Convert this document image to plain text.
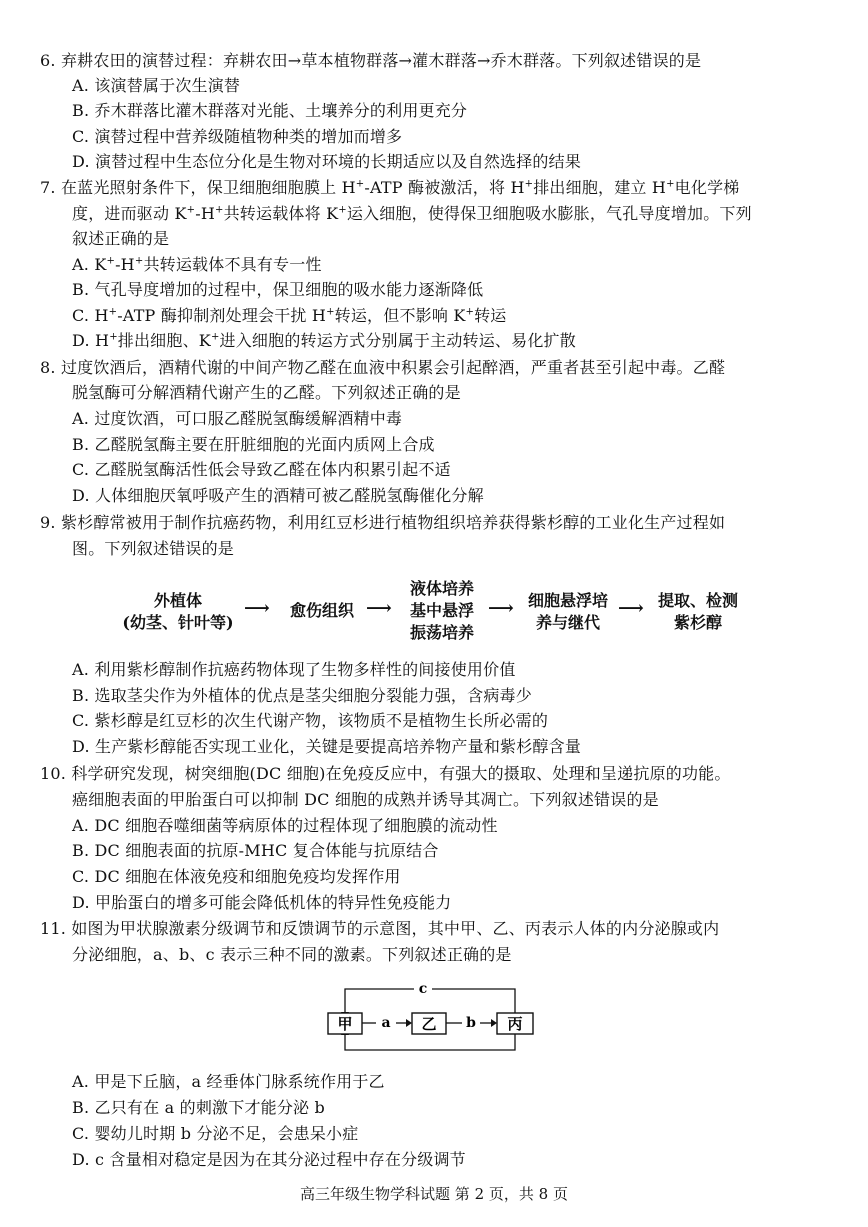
6. 弃耕农田的演替过程：弃耕农田→草本植物群落→灌木群落→乔木群落。下列叙述错误的是
A. 该演替属于次生演替
B. 乔木群落比灌木群落对光能、土壤养分的利用更充分
C. 演替过程中营养级随植物种类的增加而增多
D. 演替过程中生态位分化是生物对环境的长期适应以及自然选择的结果
7. 在蓝光照射条件下，保卫细胞细胞膜上 H+-ATP 酶被激活，将 H+排出细胞，建立 H+电化学梯
度，进而驱动 K+-H+共转运载体将 K+运入细胞，使得保卫细胞吸水膨胀，气孔导度增加。下列
叙述正确的是
A. K+-H+共转运载体不具有专一性
B. 气孔导度增加的过程中，保卫细胞的吸水能力逐渐降低
C. H+-ATP 酶抑制剂处理会干扰 H+转运，但不影响 K+转运
D. H+排出细胞、K+进入细胞的转运方式分别属于主动转运、易化扩散
8. 过度饮酒后，酒精代谢的中间产物乙醛在血液中积累会引起醉酒，严重者甚至引起中毒。乙醛
脱氢酶可分解酒精代谢产生的乙醛。下列叙述正确的是
A. 过度饮酒，可口服乙醛脱氢酶缓解酒精中毒
B. 乙醛脱氢酶主要在肝脏细胞的光面内质网上合成
C. 乙醛脱氢酶活性低会导致乙醛在体内积累引起不适
D. 人体细胞厌氧呼吸产生的酒精可被乙醛脱氢酶催化分解
9. 紫杉醇常被用于制作抗癌药物，利用红豆杉进行植物组织培养获得紫杉醇的工业化生产过程如
图。下列叙述错误的是
外植体
(幼茎、针叶等)
⟶	愈伤组织 ⟶
液体培养
基中悬浮
振荡培养
⟶ 细胞悬浮培
养与继代
⟶ 提取、检测
紫杉醇
A. 利用紫杉醇制作抗癌药物体现了生物多样性的间接使用价值
B. 选取茎尖作为外植体的优点是茎尖细胞分裂能力强，含病毒少
C. 紫杉醇是红豆杉的次生代谢产物，该物质不是植物生长所必需的
D. 生产紫杉醇能否实现工业化，关键是要提高培养物产量和紫杉醇含量
10. 科学研究发现，树突细胞(DC 细胞)在免疫反应中，有强大的摄取、处理和呈递抗原的功能。
癌细胞表面的甲胎蛋白可以抑制 DC 细胞的成熟并诱导其凋亡。下列叙述错误的是
A. DC 细胞吞噬细菌等病原体的过程体现了细胞膜的流动性
B. DC 细胞表面的抗原-MHC 复合体能与抗原结合
C. DC 细胞在体液免疫和细胞免疫均发挥作用
D. 甲胎蛋白的增多可能会降低机体的特异性免疫能力
11. 如图为甲状腺激素分级调节和反馈调节的示意图，其中甲、乙、丙表示人体的内分泌腺或内
分泌细胞，a、b、c 表示三种不同的激素。下列叙述正确的是
c
甲	乙	丙
a	b
A. 甲是下丘脑，a 经垂体门脉系统作用于乙
B. 乙只有在 a 的刺激下才能分泌 b
C. 婴幼儿时期 b 分泌不足，会患呆小症
D. c 含量相对稳定是因为在其分泌过程中存在分级调节
高三年级生物学科试题 第 2 页，共 8 页
